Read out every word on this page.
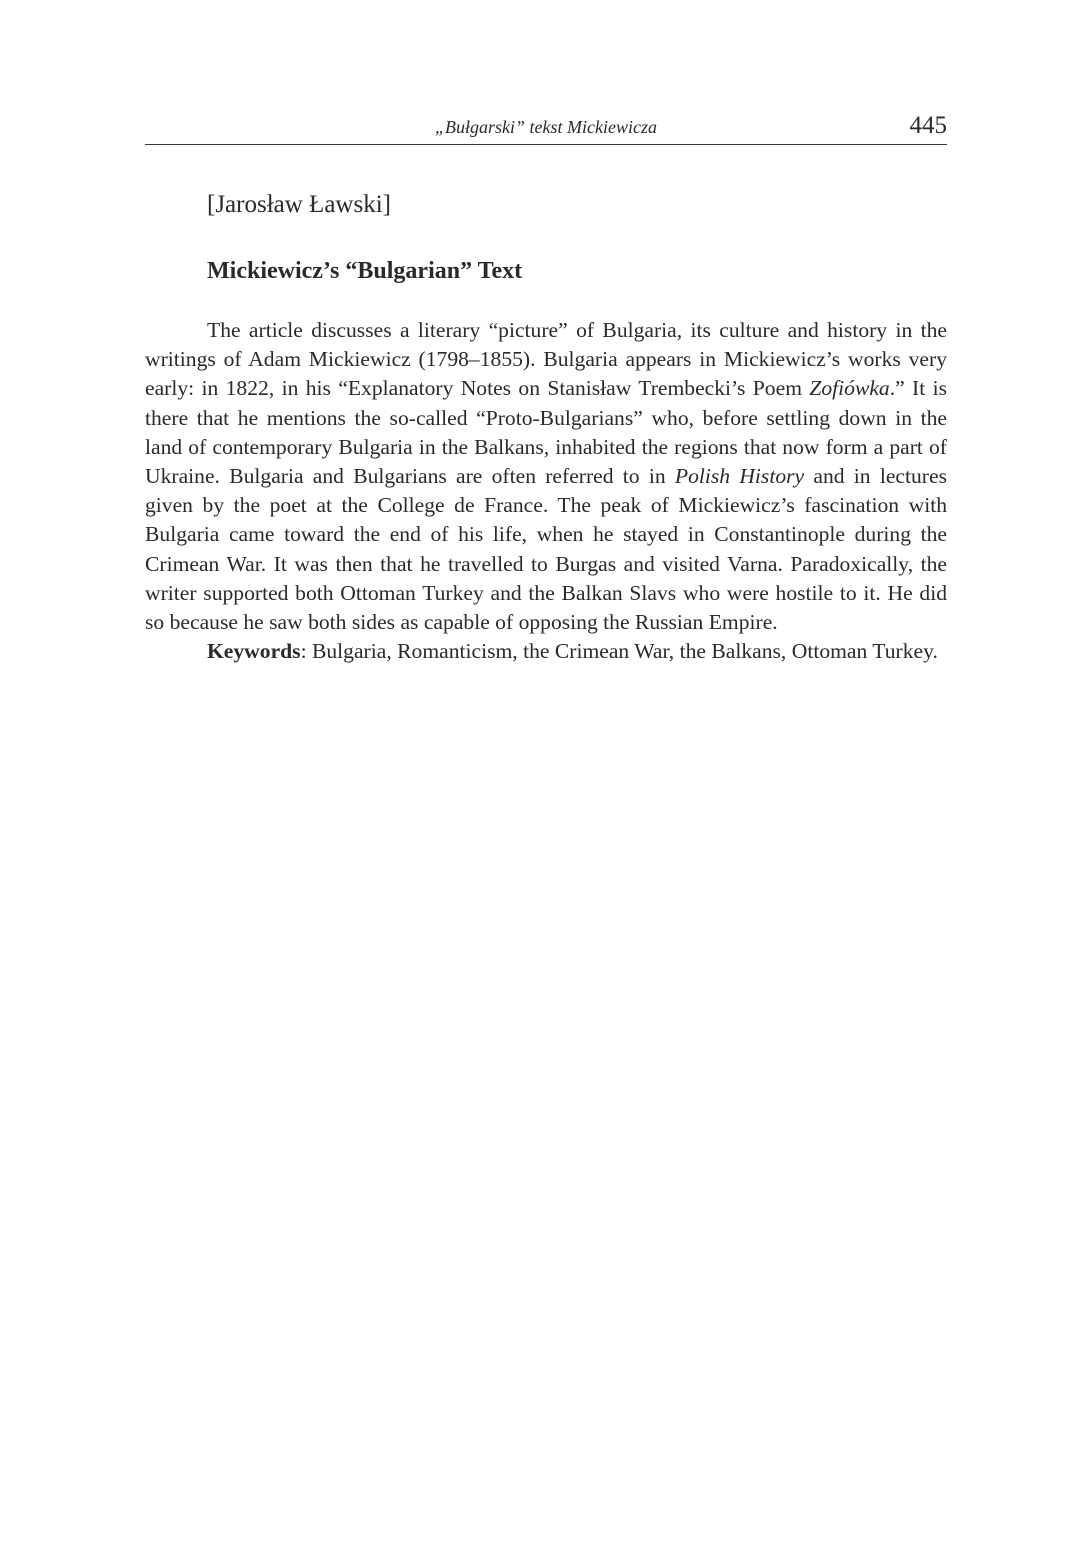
„Bułgarski” tekst Mickiewicza	445
[Jarosław Ławski]
Mickiewicz’s “Bulgarian” Text

The article discusses a literary “picture” of Bulgaria, its culture and history in the writings of Adam Mickiewicz (1798–1855). Bulgaria appears in Mickiewicz’s works very early: in 1822, in his “Explanatory Notes on Stanisław Trembecki’s Poem Zofiówka.” It is there that he mentions the so-called “Proto-Bulgarians” who, before settling down in the land of contemporary Bulgaria in the Balkans, inhabited the regions that now form a part of Ukraine. Bulgaria and Bulgarians are often referred to in Polish History and in lectures given by the poet at the College de France. The peak of Mickiewicz’s fascination with Bulgaria came toward the end of his life, when he stayed in Constantinople during the Crimean War. It was then that he travelled to Burgas and visited Varna. Paradoxically, the writer supported both Ottoman Turkey and the Balkan Slavs who were hostile to it. He did so because he saw both sides as capable of opposing the Russian Empire.

Keywords: Bulgaria, Romanticism, the Crimean War, the Balkans, Ottoman Turkey.
